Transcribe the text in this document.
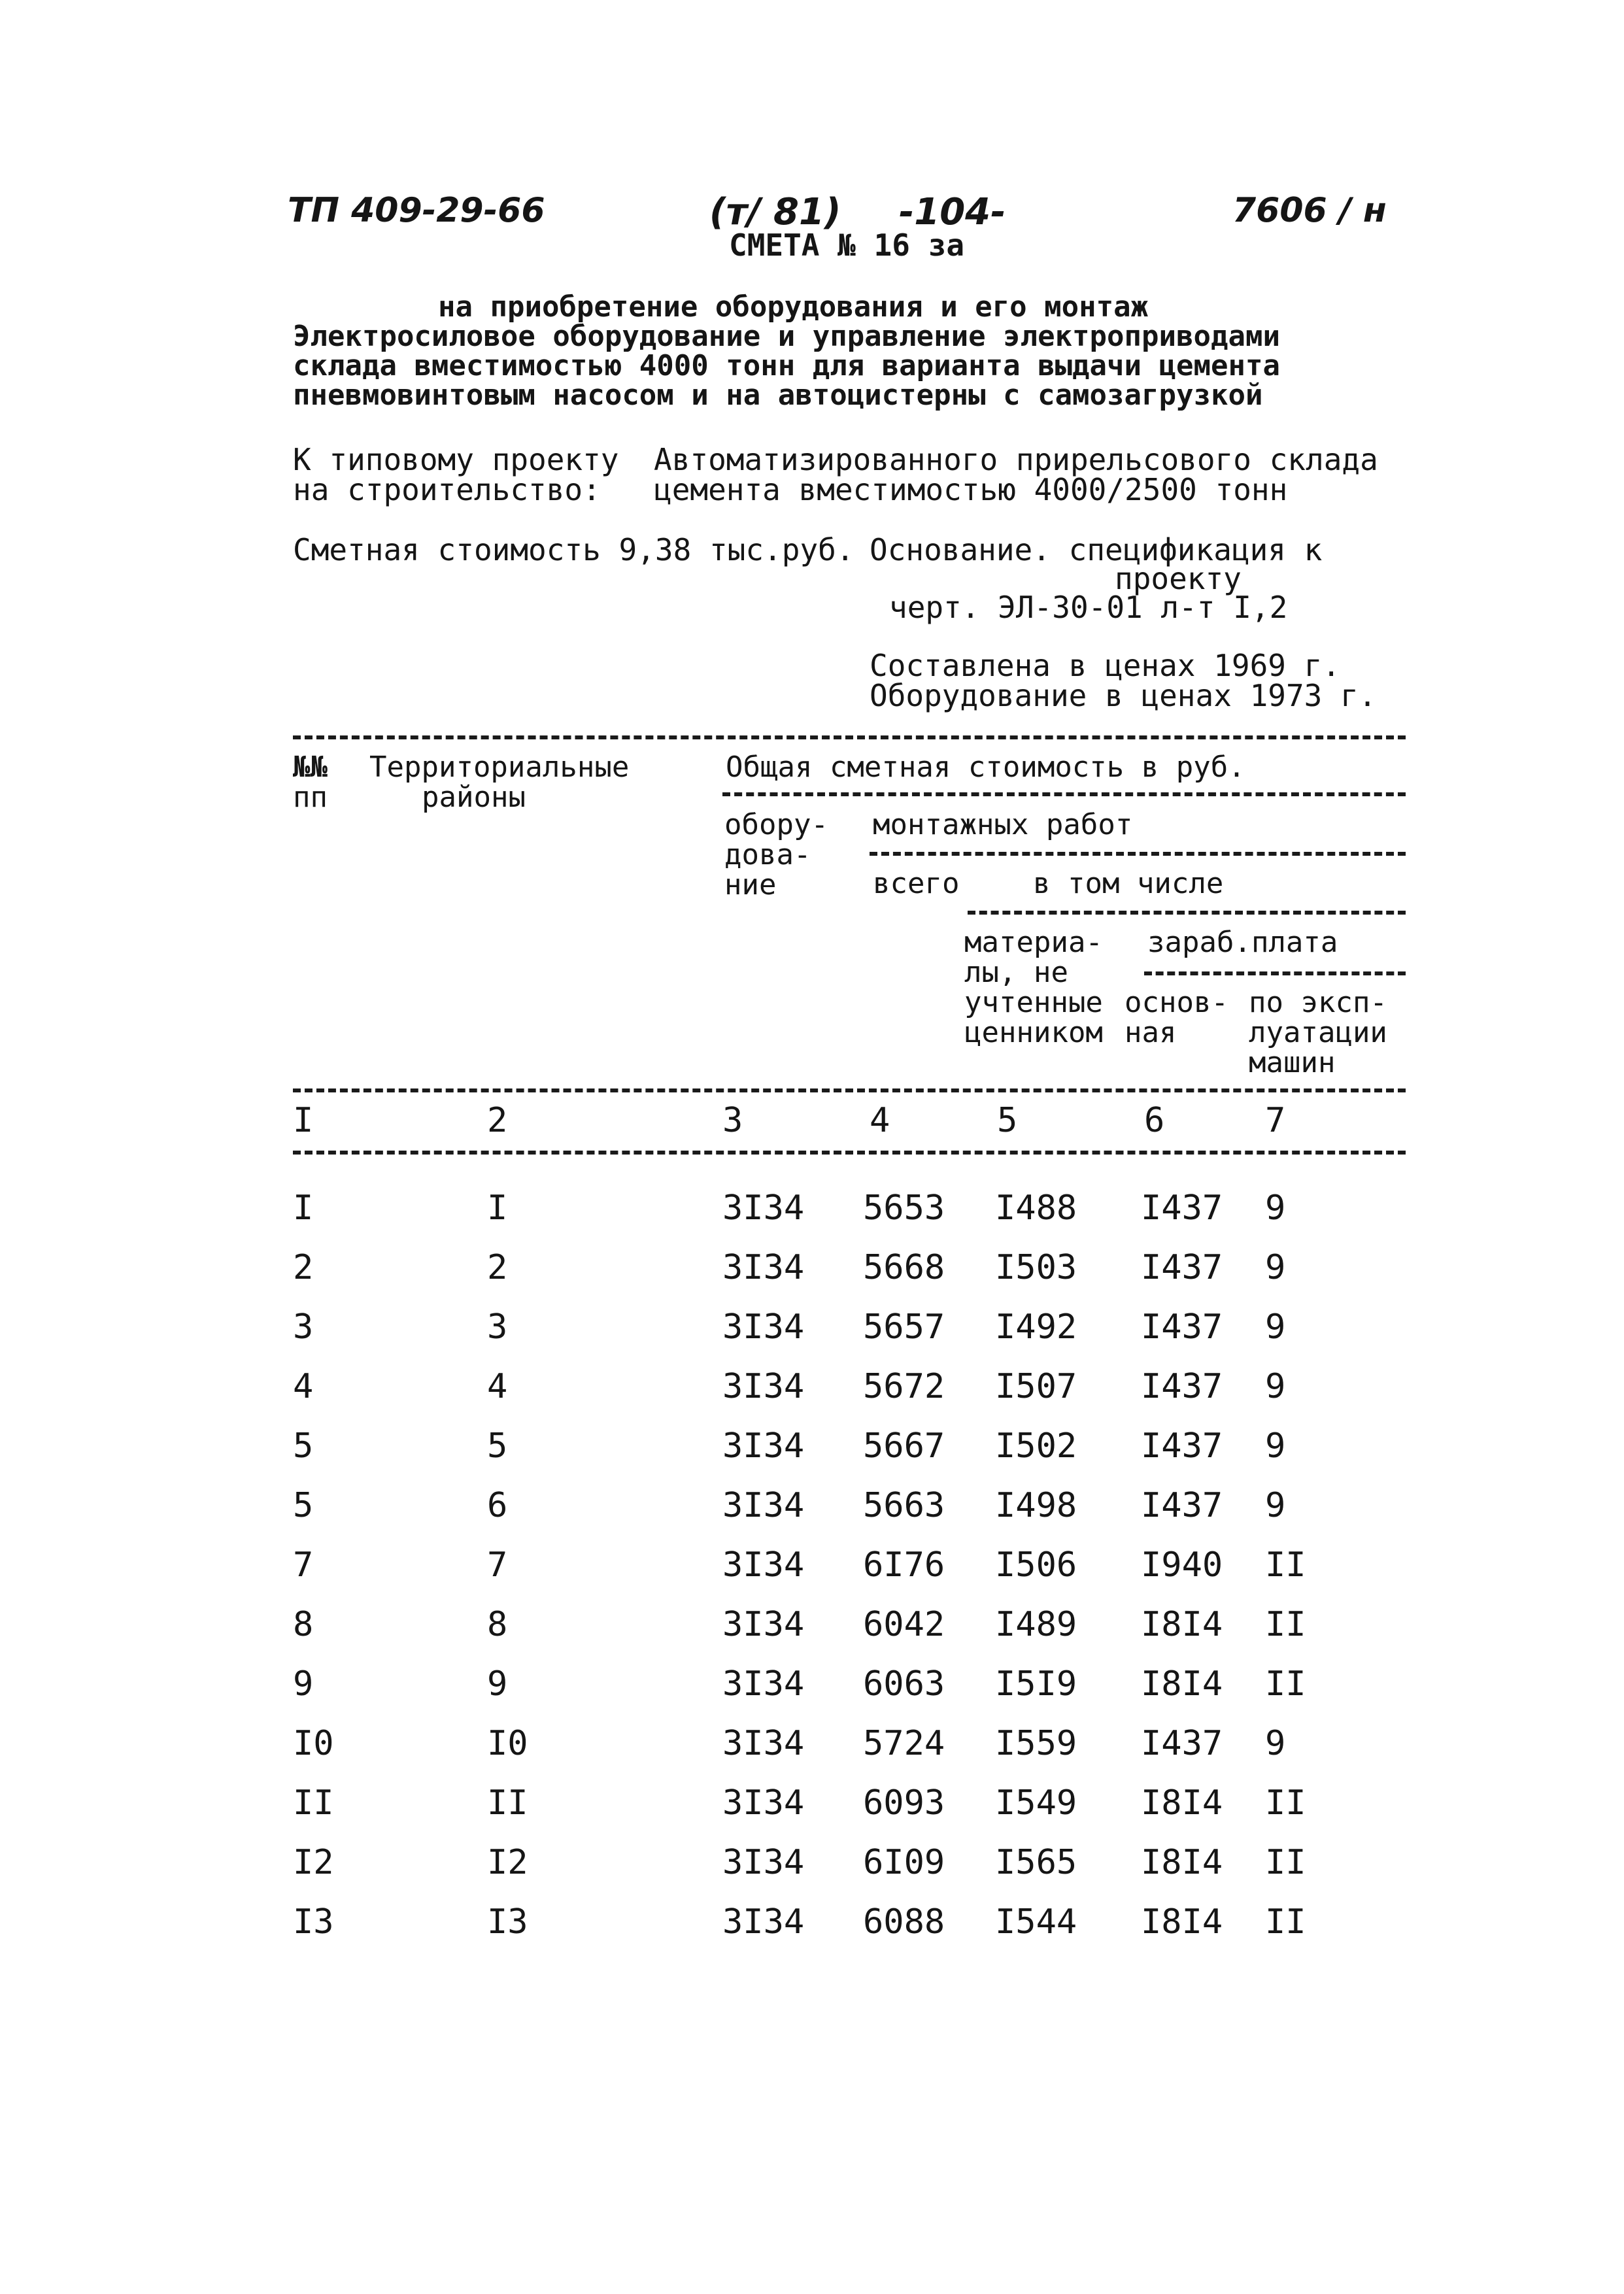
ТП 409-29-66	(т/ 81) -104-	7606 / н
СМЕТА № 16 за
на приобретение оборудования и его монтаж
Электросиловое оборудование и управление электроприводами
склада вместимостью 4000 тонн для варианта выдачи цемента
пневмовинтовым насосом и на автоцистерны с самозагрузкой
К типовому проекту
на строительство:
Автоматизированного прирельсового склада
цемента вместимостью 4000/2500 тонн
Сметная стоимость 9,38 тыс.руб. Основание. спецификация к
проекту
черт. ЭЛ-30-01 л-т I,2
Составлена в ценах 1969 г.
Оборудование в ценах 1973 г.
№№
пп
Территориальные
районы
Общая сметная стоимость в руб.
обору-
дова-
ние
монтажных работ
всего	в том числе
материа-
лы, не
учтенные
ценником
зараб.плата
основ-
ная
по эксп-
луатации
машин
I	2	3	4	5	6	7
I	I	3I34 5653 I488 I437 9
2	2	3I34 5668 I503 I437 9
3	3	3I34 5657 I492 I437 9
4	4	3I34 5672 I507 I437 9
5	5	3I34 5667 I502 I437 9
5	6	3I34 5663 I498 I437 9
7	7	3I34 6I76 I506 I940 II
8	8	3I34 6042 I489 I8I4 II
9	9	3I34 6063 I5I9 I8I4 II
I0	I0	3I34 5724 I559 I437 9
II	II	3I34 6093 I549 I8I4 II
I2	I2	3I34 6I09 I565 I8I4 II
I3	I3	3I34 6088 I544 I8I4 II
